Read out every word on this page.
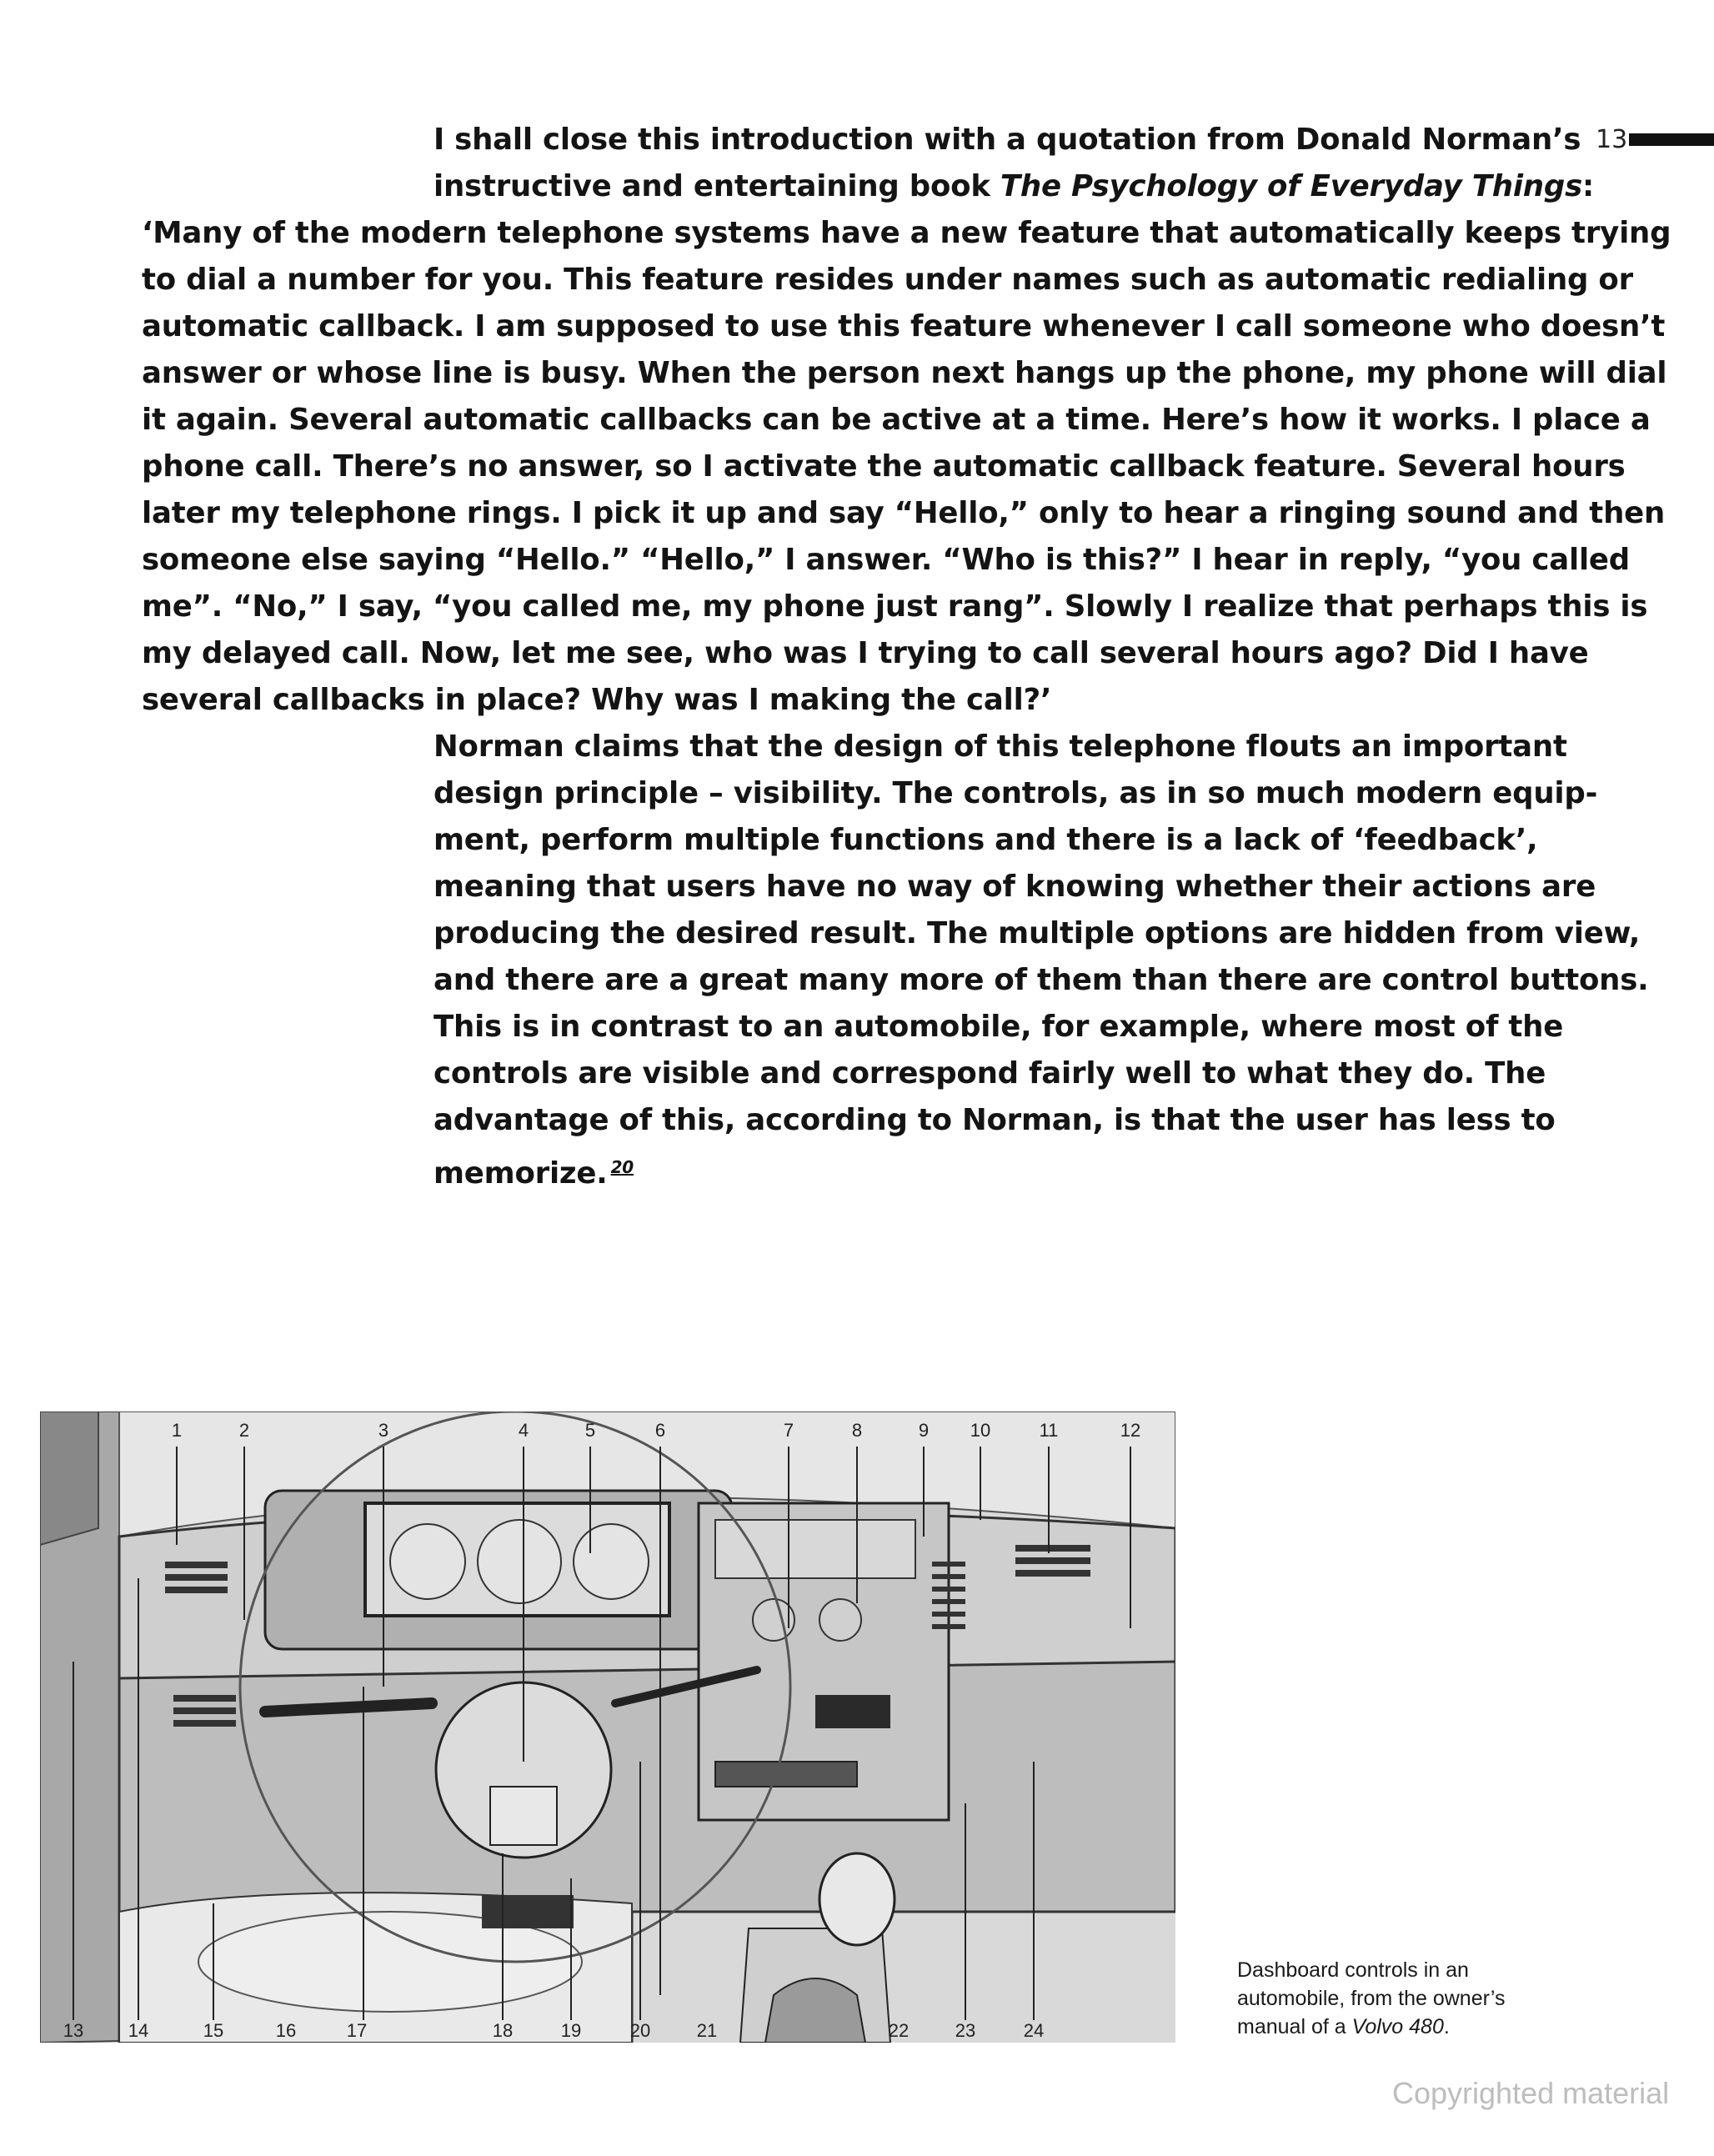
13
I shall close this introduction with a quotation from Donald Norman’s
instructive and entertaining book The Psychology of Everyday Things:
‘Many of the modern telephone systems have a new feature that automatically keeps trying
to dial a number for you. This feature resides under names such as automatic redialing or
automatic callback. I am supposed to use this feature whenever I call someone who doesn’t
answer or whose line is busy. When the person next hangs up the phone, my phone will dial
it again. Several automatic callbacks can be active at a time. Here’s how it works. I place a
phone call. There’s no answer, so I activate the automatic callback feature. Several hours
later my telephone rings. I pick it up and say “Hello,” only to hear a ringing sound and then
someone else saying “Hello.” “Hello,” I answer. “Who is this?” I hear in reply, “you called
me”. “No,” I say, “you called me, my phone just rang”. Slowly I realize that perhaps this is
my delayed call. Now, let me see, who was I trying to call several hours ago? Did I have
several callbacks in place? Why was I making the call?’
Norman claims that the design of this telephone flouts an important
design principle – visibility. The controls, as in so much modern equip-
ment, perform multiple functions and there is a lack of ‘feedback’,
meaning that users have no way of knowing whether their actions are
producing the desired result. The multiple options are hidden from view,
and there are a great many more of them than there are control buttons.
This is in contrast to an automobile, for example, where most of the
controls are visible and correspond fairly well to what they do. The
advantage of this, according to Norman, is that the user has less to
memorize. $^{20}$
1	2	3	4	5	6	7	8	9 10	11	12
13 14	15	16	17	18	19	20	21	22	23	24
Dashboard controls in an
automobile, from the owner’s
manual of a Volvo 480.
Copyrighted material
